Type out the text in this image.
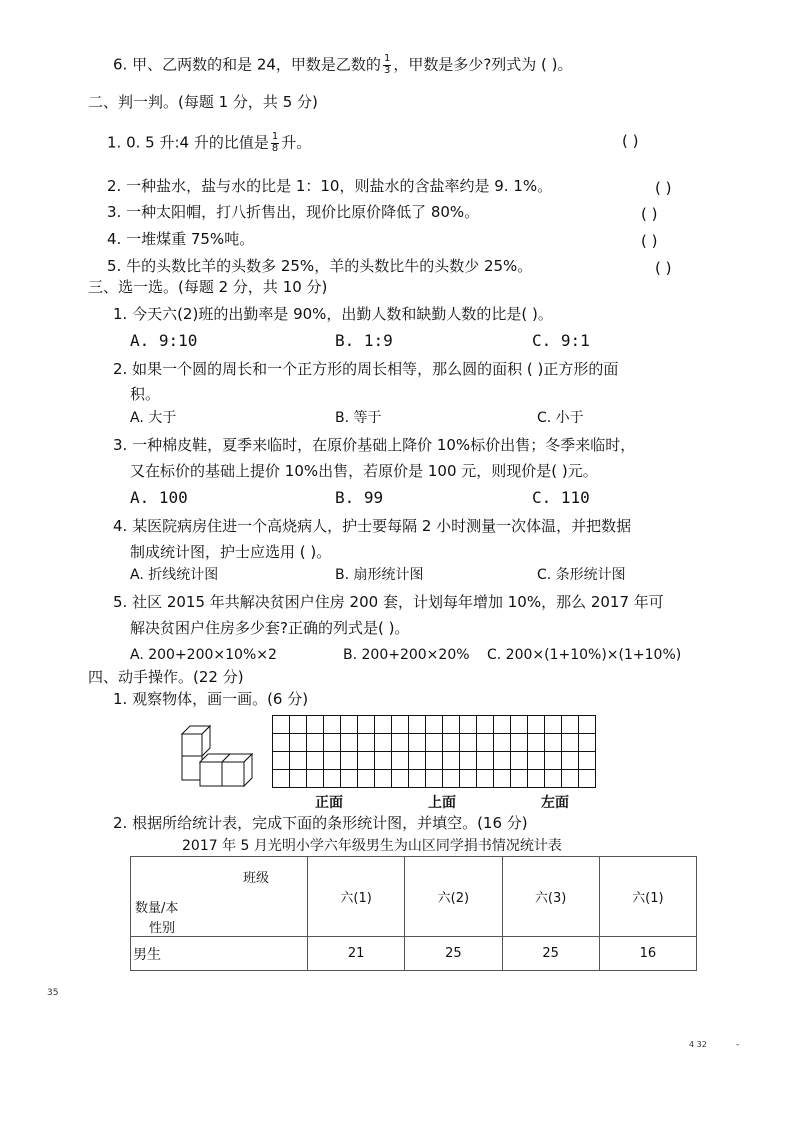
6. 甲、乙两数的和是 24，甲数是乙数的 $\frac{1}{3}$ ，甲数是多少?列式为 ( )。
二、判一判。(每题 1 分，共 5 分)
1. 0. 5 升:4 升的比值是 $\frac{1}{8}$ 升。	( )
2. 一种盐水，盐与水的比是 1：10，则盐水的含盐率约是 9. 1%。	( )
3. 一种太阳帽，打八折售出，现价比原价降低了 80%。	( )
4. 一堆煤重 75%吨。	( )
5. 牛的头数比羊的头数多 25%，羊的头数比牛的头数少 25%。	( )
三、选一选。(每题 2 分，共 10 分)
1. 今天六(2)班的出勤率是 90%，出勤人数和缺勤人数的比是( )。
A. 9:10	B. 1:9	C. 9:1
2. 如果一个圆的周长和一个正方形的周长相等，那么圆的面积 ( )正方形的面
积。
A. 大于	B. 等于	C. 小于
3. 一种棉皮鞋，夏季来临时，在原价基础上降价 10%标价出售；冬季来临时，
又在标价的基础上提价 10%出售，若原价是 100 元，则现价是( )元。
A. 100	B. 99	C. 110
4. 某医院病房住进一个高烧病人，护士要每隔 2 小时测量一次体温，并把数据
制成统计图，护士应选用 ( )。
A. 折线统计图	B. 扇形统计图	C. 条形统计图
5. 社区 2015 年共解决贫困户住房 200 套，计划每年增加 10%，那么 2017 年可
解决贫困户住房多少套?正确的列式是( )。
A. 200+200×10%×2	B. 200+200×20% C. 200×(1+10%)×(1+10%)
四、动手操作。(22 分)
1. 观察物体，画一画。(6 分)

正面	上面	左面
2. 根据所给统计表，完成下面的条形统计图，并填空。(16 分)
2017 年 5 月光明小学六年级男生为山区同学捐书情况统计表
班级
数量/本
性别	六(1)	六(2)	六(3)	六(1)
男生	21	25	25	16
35
4 32	-
